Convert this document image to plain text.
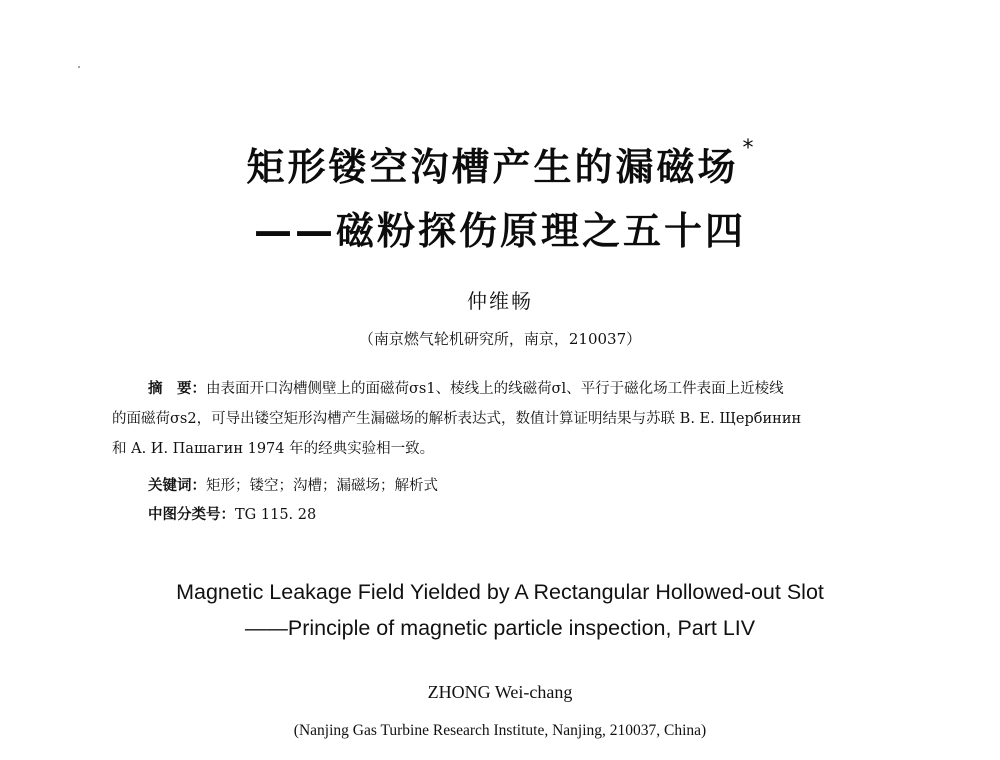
矩形镂空沟槽产生的漏磁场 *
——磁粉探伤原理之五十四
仲维畅
（南京燃气轮机研究所，南京，210037）
摘　要：由表面开口沟槽侧壁上的面磁荷σs1、棱线上的线磁荷σl、平行于磁化场工件表面上近棱线
的面磁荷σs2，可导出镂空矩形沟槽产生漏磁场的解析表达式，数值计算证明结果与苏联 B. E. Щербинин
和 A. И. Пашагин 1974 年的经典实验相一致。
关键词：矩形；镂空；沟槽；漏磁场；解析式
中图分类号：TG 115. 28
Magnetic Leakage Field Yielded by A Rectangular Hollowed-out Slot
——Principle of magnetic particle inspection, Part LIV
ZHONG Wei-chang
(Nanjing Gas Turbine Research Institute, Nanjing, 210037, China)
